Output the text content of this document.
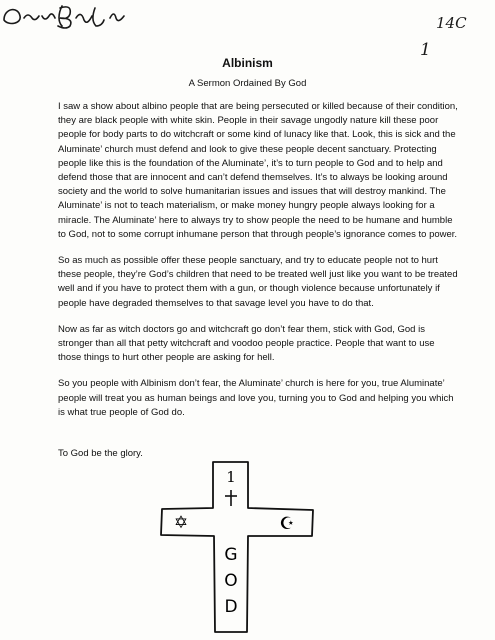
14C
1
Albinism
A Sermon Ordained By God

I saw a show about albino people that are being persecuted or killed because of their condition, they are black people with white skin. People in their savage ungodly nature kill these poor people for body parts to do witchcraft or some kind of lunacy like that. Look, this is sick and the Aluminate’ church must defend and look to give these people decent sanctuary. Protecting people like this is the foundation of the Aluminate’, it’s to turn people to God and to help and defend those that are innocent and can’t defend themselves. It’s to always be looking around society and the world to solve humanitarian issues and issues that will destroy mankind. The Aluminate’ is not to teach materialism, or make money hungry people always looking for a miracle. The Aluminate’ here to always try to show people the need to be humane and humble to God, not to some corrupt inhumane person that through people’s ignorance comes to power.

So as much as possible offer these people sanctuary, and try to educate people not to hurt these people, they’re God’s children that need to be treated well just like you want to be treated well and if you have to protect them with a gun, or though violence because unfortunately if people have degraded themselves to that savage level you have to do that.

Now as far as witch doctors go and witchcraft go don’t fear them, stick with God, God is stronger than all that petty witchcraft and voodoo people practice. People that want to use those things to hurt other people are asking for hell.

So you people with Albinism don’t fear, the Aluminate’ church is here for you, true Aluminate’ people will treat you as human beings and love you, turning you to God and helping you which is what true people of God do.

To God be the glory.
1
✡	☪
G
O
D
